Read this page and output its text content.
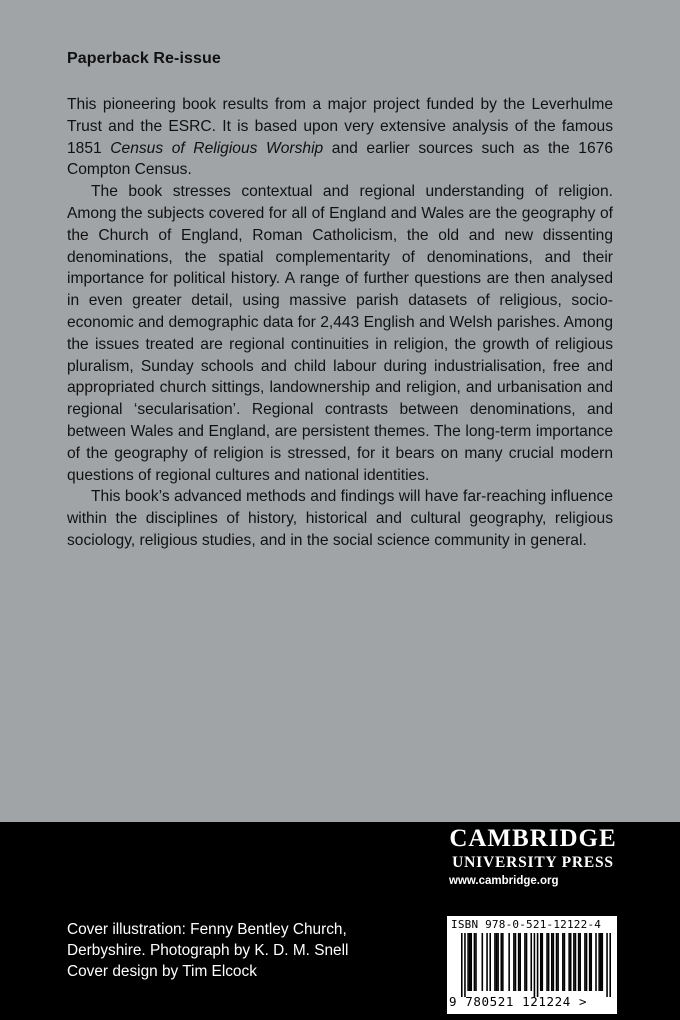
Paperback Re-issue

This pioneering book results from a major project funded by the Leverhulme Trust and the ESRC. It is based upon very extensive analysis of the famous 1851 Census of Religious Worship and earlier sources such as the 1676 Compton Census.

The book stresses contextual and regional understanding of religion. Among the subjects covered for all of England and Wales are the geography of the Church of England, Roman Catholicism, the old and new dissenting denominations, the spatial complementarity of denominations, and their importance for political history. A range of further questions are then analysed in even greater detail, using massive parish datasets of religious, socio-economic and demographic data for 2,443 English and Welsh parishes. Among the issues treated are regional continuities in religion, the growth of religious pluralism, Sunday schools and child labour during industrialisation, free and appropriated church sittings, landownership and religion, and urbanisation and regional ‘secularisation’. Regional contrasts between denominations, and between Wales and England, are persistent themes. The long-term importance of the geography of religion is stressed, for it bears on many crucial modern questions of regional cultures and national identities.

This book’s advanced methods and findings will have far-reaching influence within the disciplines of history, historical and cultural geography, religious sociology, religious studies, and in the social science community in general.

Cover illustration: Fenny Bentley Church,
Derbyshire. Photograph by K. D. M. Snell
Cover design by Tim Elcock
CAMBRIDGE
UNIVERSITY PRESS
www.cambridge.org
ISBN 978-0-521-12122-4
9 780521 121224 >
